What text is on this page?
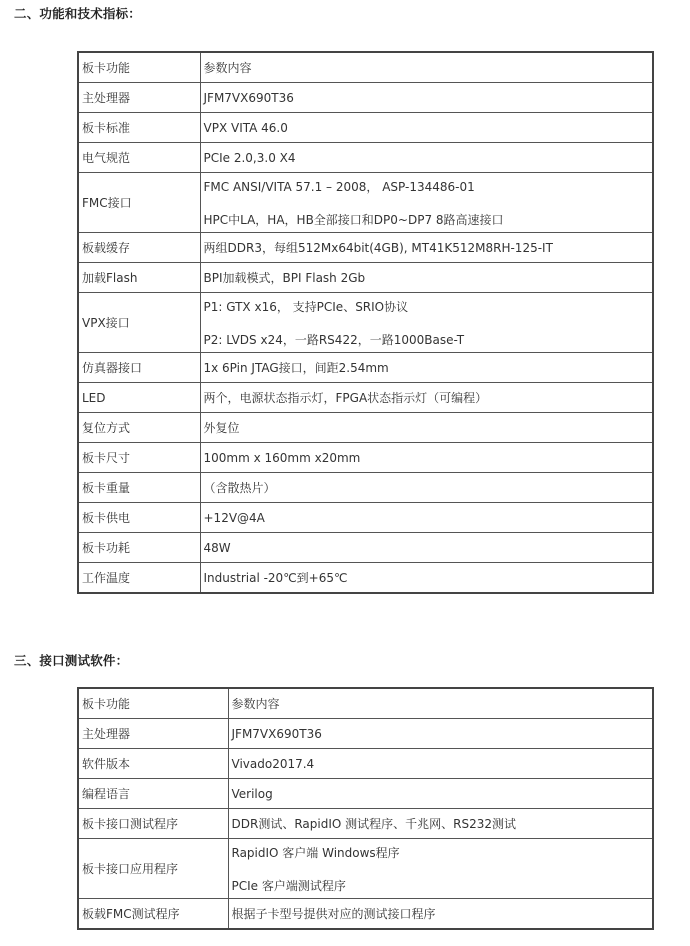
二、功能和技术指标：
板卡功能	参数内容

主处理器	JFM7VX690T36

板卡标准	VPX VITA 46.0

电气规范	PCIe 2.0,3.0 X4

FMC接口	FMC ANSI/VITA 57.1 – 2008， ASP-134486-01
HPC中LA，HA，HB全部接口和DP0~DP7 8路高速接口

板载缓存	两组DDR3，每组512Mx64bit(4GB), MT41K512M8RH-125-IT

加载Flash	BPI加载模式，BPI Flash 2Gb

VPX接口	P1: GTX x16， 支持PCIe、SRIO协议
P2: LVDS x24，一路RS422，一路1000Base-T

仿真器接口	1x 6Pin JTAG接口，间距2.54mm

LED	两个，电源状态指示灯，FPGA状态指示灯（可编程）

复位方式	外复位

板卡尺寸	100mm x 160mm x20mm

板卡重量	（含散热片）

板卡供电	+12V@4A

板卡功耗	48W

工作温度	Industrial -20℃到+65℃
三、接口测试软件：
板卡功能	参数内容

主处理器	JFM7VX690T36

软件版本	Vivado2017.4

编程语言	Verilog

板卡接口测试程序	DDR测试、RapidIO 测试程序、千兆网、RS232测试

板卡接口应用程序	RapidIO 客户端 Windows程序
PCIe 客户端测试程序

板载FMC测试程序	根据子卡型号提供对应的测试接口程序
